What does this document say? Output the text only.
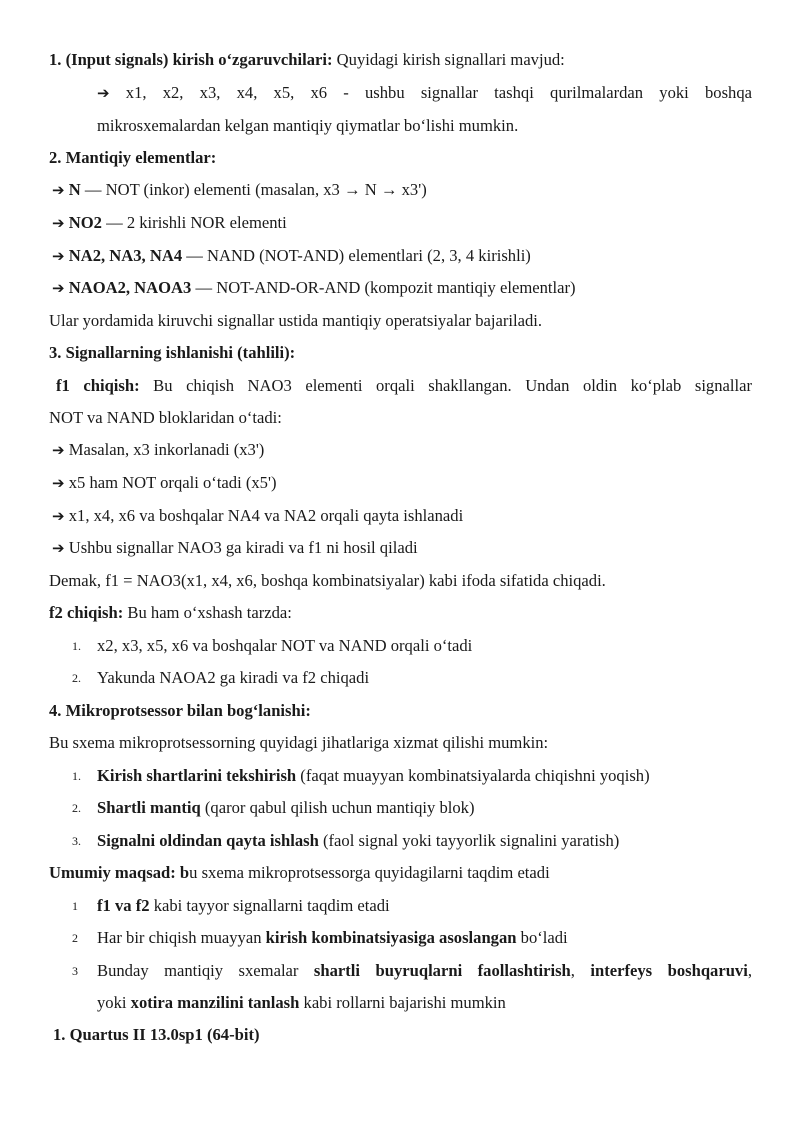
1. (Input signals) kirish o‘zgaruvchilari: Quyidagi kirish signallari mavjud:
➔ x1, x2, x3, x4, x5, x6 - ushbu signallar tashqi qurilmalardan yoki boshqa
mikrosxemalardan kelgan mantiqiy qiymatlar bo‘lishi mumkin.
2. Mantiqiy elementlar:
➔ N — NOT (inkor) elementi (masalan, x3 → N → x3')
➔ NO2 — 2 kirishli NOR elementi
➔ NA2, NA3, NA4 — NAND (NOT-AND) elementlari (2, 3, 4 kirishli)
➔ NAOA2, NAOA3 — NOT-AND-OR-AND (kompozit mantiqiy elementlar)
Ular yordamida kiruvchi signallar ustida mantiqiy operatsiyalar bajariladi.
3. Signallarning ishlanishi (tahlili):
f1 chiqish: Bu chiqish NAO3 elementi orqali shakllangan. Undan oldin ko‘plab signallar
NOT va NAND bloklaridan o‘tadi:
➔ Masalan, x3 inkorlanadi (x3')
➔ x5 ham NOT orqali o‘tadi (x5')
➔ x1, x4, x6 va boshqalar NA4 va NA2 orqali qayta ishlanadi
➔ Ushbu signallar NAO3 ga kiradi va f1 ni hosil qiladi
Demak, f1 = NAO3(x1, x4, x6, boshqa kombinatsiyalar) kabi ifoda sifatida chiqadi.
f2 chiqish: Bu ham o‘xshash tarzda:
1. x2, x3, x5, x6 va boshqalar NOT va NAND orqali o‘tadi
2. Yakunda NAOA2 ga kiradi va f2 chiqadi
4. Mikroprotsessor bilan bog‘lanishi:
Bu sxema mikroprotsessorning quyidagi jihatlariga xizmat qilishi mumkin:
1. Kirish shartlarini tekshirish (faqat muayyan kombinatsiyalarda chiqishni yoqish)
2. Shartli mantiq (qaror qabul qilish uchun mantiqiy blok)
3. Signalni oldindan qayta ishlash (faol signal yoki tayyorlik signalini yaratish)
Umumiy maqsad: bu sxema mikroprotsessorga quyidagilarni taqdim etadi
1 f1 va f2 kabi tayyor signallarni taqdim etadi
2 Har bir chiqish muayyan kirish kombinatsiyasiga asoslangan bo‘ladi
3 Bunday mantiqiy sxemalar shartli buyruqlarni faollashtirish, interfeys boshqaruvi,
yoki xotira manzilini tanlash kabi rollarni bajarishi mumkin
1. Quartus II 13.0sp1 (64-bit)
